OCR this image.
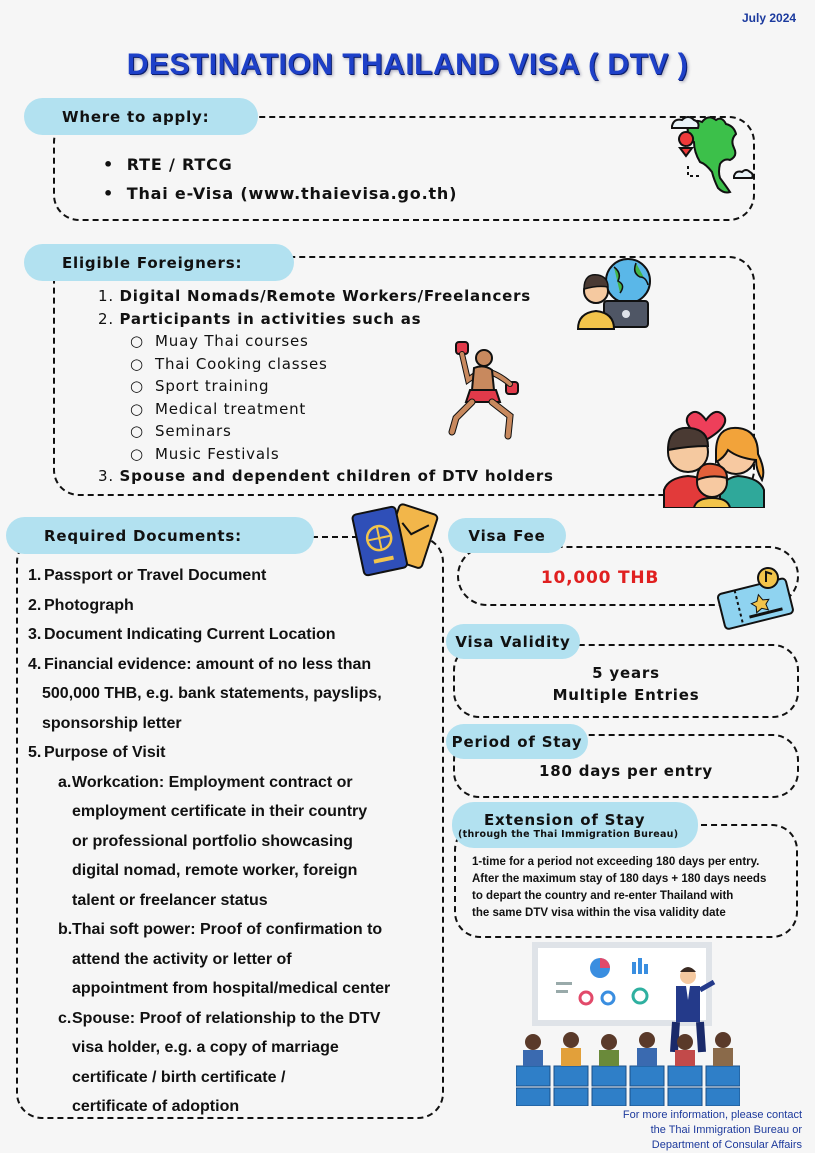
July 2024
DESTINATION THAILAND VISA ( DTV )
Where to apply:
•  RTE / RTCG
•  Thai e-Visa (www.thaievisa.go.th)
Eligible Foreigners:
1. Digital Nomads/Remote Workers/Freelancers
2. Participants in activities such as
○  Muay Thai courses
○  Thai Cooking classes
○  Sport training
○  Medical treatment
○  Seminars
○  Music Festivals
3. Spouse and dependent children of DTV holders
Required Documents:
1. Passport or Travel Document
2. Photograph
3. Document Indicating Current Location
4. Financial evidence: amount of no less than
500,000 THB, e.g. bank statements, payslips,
sponsorship letter
5. Purpose of Visit
a. Workcation: Employment contract or
employment certificate in their country
or professional portfolio showcasing
digital nomad, remote worker, foreign
talent or freelancer status
b. Thai soft power: Proof of confirmation to
attend the activity or letter of
appointment from hospital/medical center
c. Spouse: Proof of relationship to the DTV
visa holder, e.g. a copy of marriage
certificate / birth certificate /
certificate of adoption
Visa Fee
10,000 THB
Visa Validity
5 years
Multiple Entries
Period of Stay
180 days per entry
Extension of Stay
(through the Thai Immigration Bureau)
1-time for a period not exceeding 180 days per entry.
After the maximum stay of 180 days + 180 days needs
to depart the country and re-enter Thailand with
the same DTV visa within the visa validity date
For more information, please contact
the Thai Immigration Bureau or
Department of Consular Affairs
